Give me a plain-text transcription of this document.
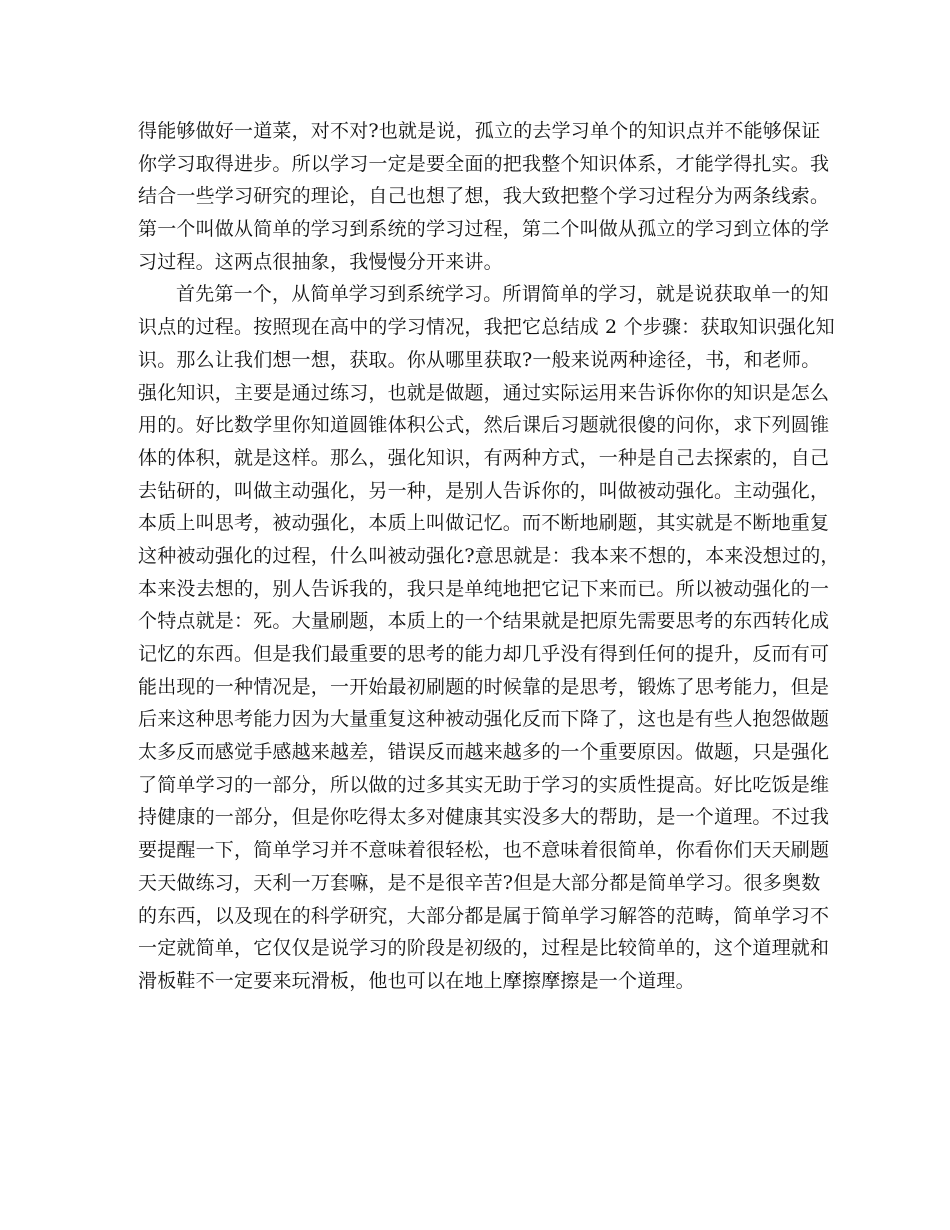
得能够做好一道菜，对不对?也就是说，孤立的去学习单个的知识点并不能够保证
你学习取得进步。所以学习一定是要全面的把我整个知识体系，才能学得扎实。我
结合一些学习研究的理论，自己也想了想，我大致把整个学习过程分为两条线索。
第一个叫做从简单的学习到系统的学习过程，第二个叫做从孤立的学习到立体的学
习过程。这两点很抽象，我慢慢分开来讲。
首先第一个，从简单学习到系统学习。所谓简单的学习，就是说获取单一的知
识点的过程。按照现在高中的学习情况，我把它总结成 2 个步骤：获取知识强化知
识。那么让我们想一想，获取。你从哪里获取?一般来说两种途径，书，和老师。
强化知识，主要是通过练习，也就是做题，通过实际运用来告诉你你的知识是怎么
用的。好比数学里你知道圆锥体积公式，然后课后习题就很傻的问你，求下列圆锥
体的体积，就是这样。那么，强化知识，有两种方式，一种是自己去探索的，自己
去钻研的，叫做主动强化，另一种，是别人告诉你的，叫做被动强化。主动强化，
本质上叫思考，被动强化，本质上叫做记忆。而不断地刷题，其实就是不断地重复
这种被动强化的过程，什么叫被动强化?意思就是：我本来不想的，本来没想过的，
本来没去想的，别人告诉我的，我只是单纯地把它记下来而已。所以被动强化的一
个特点就是：死。大量刷题，本质上的一个结果就是把原先需要思考的东西转化成
记忆的东西。但是我们最重要的思考的能力却几乎没有得到任何的提升，反而有可
能出现的一种情况是，一开始最初刷题的时候靠的是思考，锻炼了思考能力，但是
后来这种思考能力因为大量重复这种被动强化反而下降了，这也是有些人抱怨做题
太多反而感觉手感越来越差，错误反而越来越多的一个重要原因。做题，只是强化
了简单学习的一部分，所以做的过多其实无助于学习的实质性提高。好比吃饭是维
持健康的一部分，但是你吃得太多对健康其实没多大的帮助，是一个道理。不过我
要提醒一下，简单学习并不意味着很轻松，也不意味着很简单，你看你们天天刷题
天天做练习，天利一万套嘛，是不是很辛苦?但是大部分都是简单学习。很多奥数
的东西，以及现在的科学研究，大部分都是属于简单学习解答的范畴，简单学习不
一定就简单，它仅仅是说学习的阶段是初级的，过程是比较简单的，这个道理就和
滑板鞋不一定要来玩滑板，他也可以在地上摩擦摩擦是一个道理。
